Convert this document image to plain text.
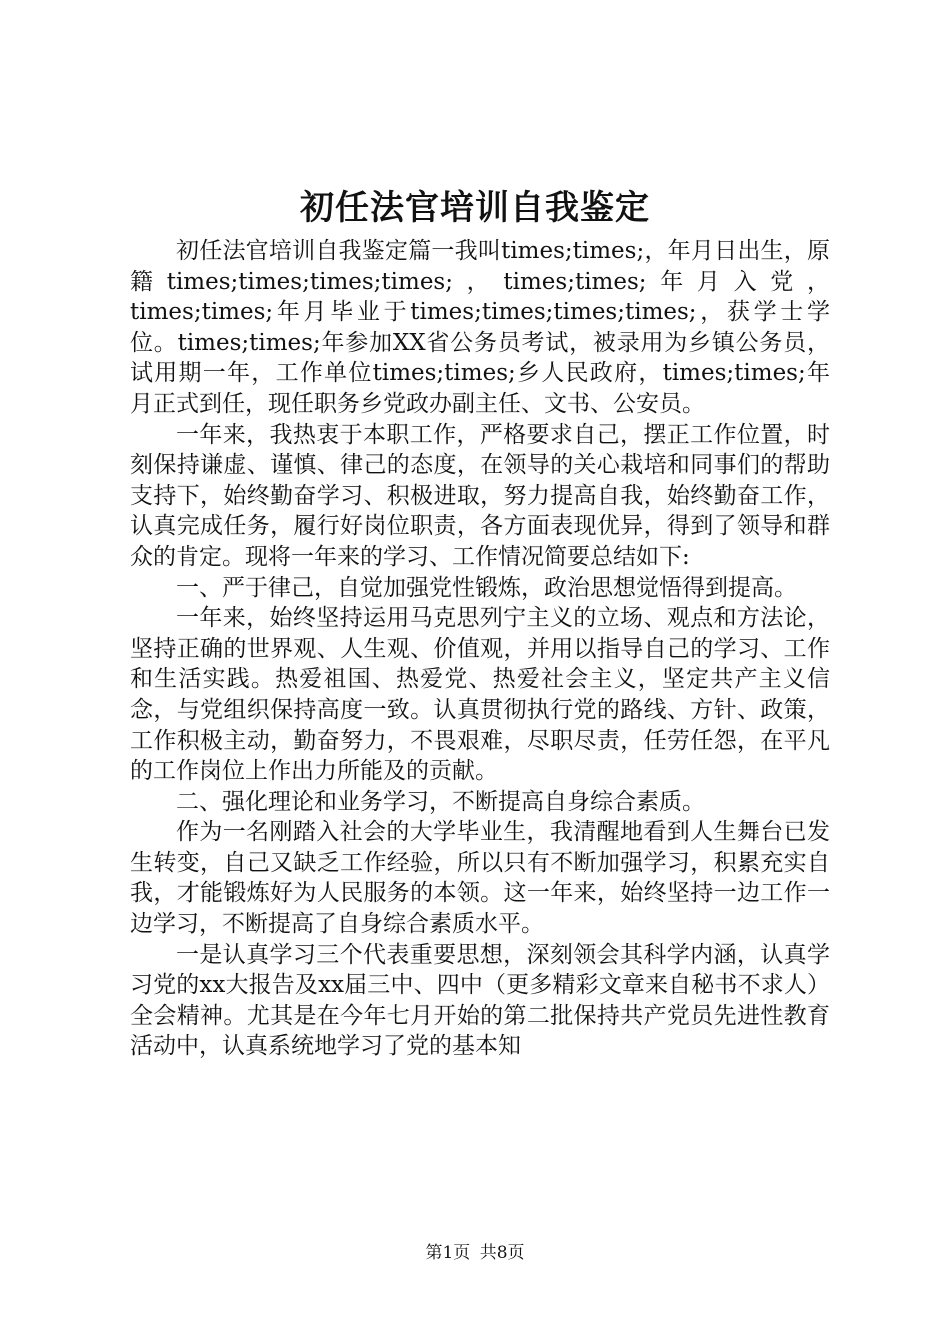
初任法官培训自我鉴定

初任法官培训自我鉴定篇一我叫times;times;，年月日出生，原籍times;times;times;times;，times;times;年月入党，times;times;年月毕业于times;times;times;times;，获学士学位。times;times;年参加XX省公务员考试，被录用为乡镇公务员，试用期一年，工作单位times;times;乡人民政府，times;times;年月正式到任，现任职务乡党政办副主任、文书、公安员。

一年来，我热衷于本职工作，严格要求自己，摆正工作位置，时刻保持谦虚、谨慎、律己的态度，在领导的关心栽培和同事们的帮助支持下，始终勤奋学习、积极进取，努力提高自我，始终勤奋工作，认真完成任务，履行好岗位职责，各方面表现优异，得到了领导和群众的肯定。现将一年来的学习、工作情况简要总结如下:

一、严于律己，自觉加强党性锻炼，政治思想觉悟得到提高。

一年来，始终坚持运用马克思列宁主义的立场、观点和方法论，坚持正确的世界观、人生观、价值观，并用以指导自己的学习、工作和生活实践。热爱祖国、热爱党、热爱社会主义，坚定共产主义信念，与党组织保持高度一致。认真贯彻执行党的路线、方针、政策，工作积极主动，勤奋努力，不畏艰难，尽职尽责，任劳任怨，在平凡的工作岗位上作出力所能及的贡献。

二、强化理论和业务学习，不断提高自身综合素质。

作为一名刚踏入社会的大学毕业生，我清醒地看到人生舞台已发生转变，自己又缺乏工作经验，所以只有不断加强学习，积累充实自我，才能锻炼好为人民服务的本领。这一年来，始终坚持一边工作一边学习，不断提高了自身综合素质水平。

一是认真学习三个代表重要思想，深刻领会其科学内涵，认真学习党的xx大报告及xx届三中、四中（更多精彩文章来自秘书不求人）全会精神。尤其是在今年七月开始的第二批保持共产党员先进性教育活动中，认真系统地学习了党的基本知

第1页 共8页
